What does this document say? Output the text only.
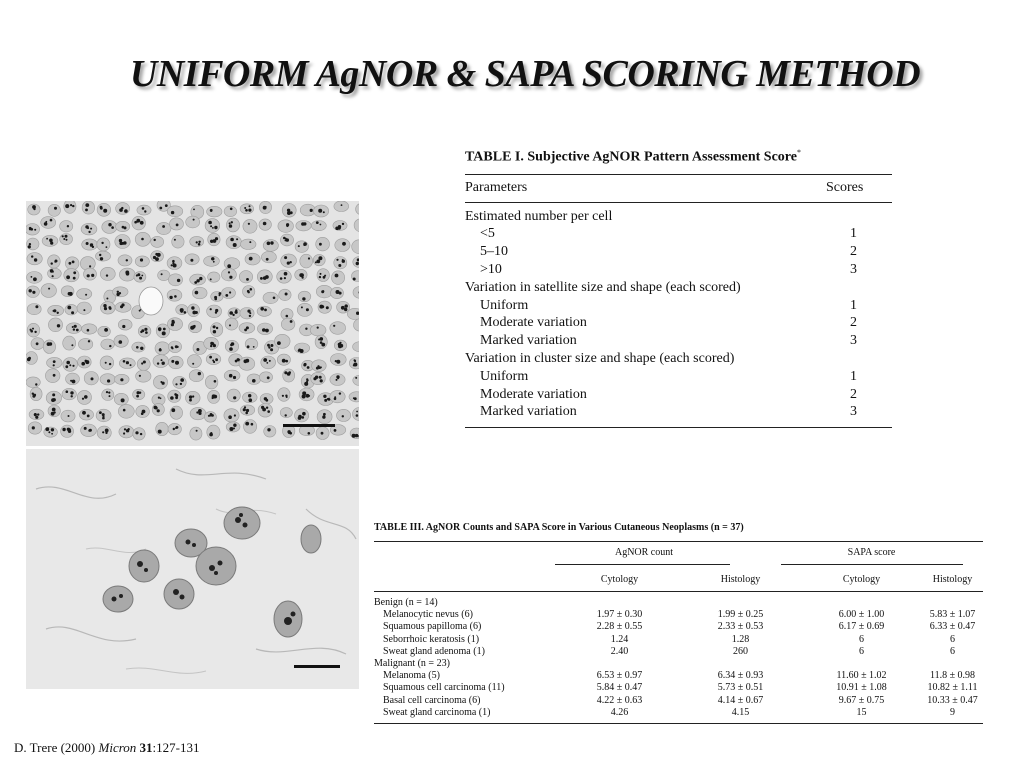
UNIFORM AgNOR & SAPA SCORING METHOD

TABLE I. Subjective AgNOR Pattern Assessment Score*

Parameters	Scores
Estimated number per cell
<5	1
5–10	2
>10	3
Variation in satellite size and shape (each scored)
Uniform	1
Moderate variation	2
Marked variation	3
Variation in cluster size and shape (each scored)
Uniform	1
Moderate variation	2
Marked variation	3

TABLE III. AgNOR Counts and SAPA Score in Various Cutaneous Neoplasms (n = 37)

AgNOR count	SAPA score
Cytology	Histology	Cytology	Histology
Benign (n = 14)
Melanocytic nevus (6)	1.97 ± 0.30	1.99 ± 0.25	6.00 ± 1.00	5.83 ± 1.07
Squamous papilloma (6)	2.28 ± 0.55	2.33 ± 0.53	6.17 ± 0.69	6.33 ± 0.47
Seborrhoic keratosis (1)	1.24	1.28	6	6
Sweat gland adenoma (1)	2.40	260	6	6
Malignant (n = 23)
Melanoma (5)	6.53 ± 0.97	6.34 ± 0.93	11.60 ± 1.02	11.8 ± 0.98
Squamous cell carcinoma (11)	5.84 ± 0.47	5.73 ± 0.51	10.91 ± 1.08	10.82 ± 1.11
Basal cell carcinoma (6)	4.22 ± 0.63	4.14 ± 0.67	9.67 ± 0.75	10.33 ± 0.47
Sweat gland carcinoma (1)	4.26	4.15	15	9
D. Trere (2000) Micron 31:127-131
